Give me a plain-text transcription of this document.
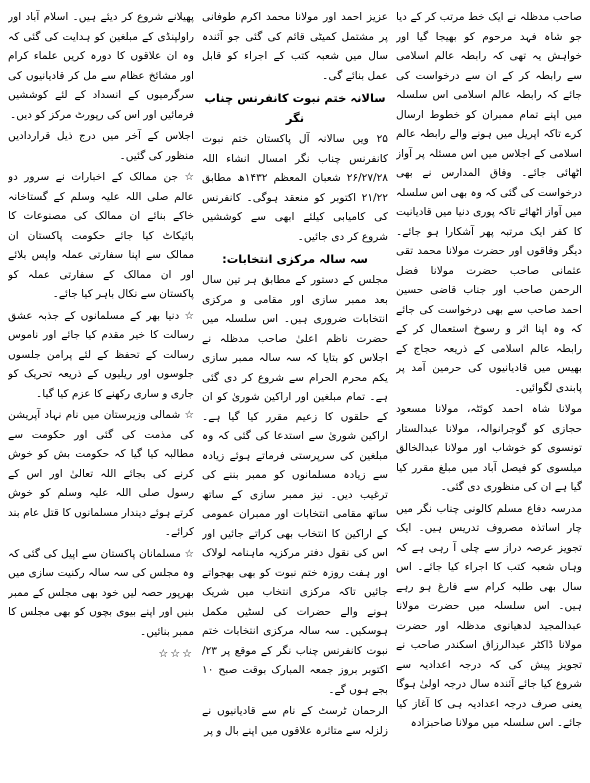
صاحب مدظلہ نے ایک خط مرتب کر کے دیا جو شاہ فہد مرحوم کو بھیجا گیا اور خواہش یہ تھی کہ رابطہ عالم اسلامی سے رابطہ کر کے ان سے درخواست کی جائے کہ رابطہ عالم اسلامی اس سلسلہ میں اپنے تمام ممبران کو خطوط ارسال کرے تاکہ اپریل میں ہونے والے رابطہ عالم اسلامی کے اجلاس میں اس مسئلہ پر آواز اٹھائی جائے۔ وفاق المدارس نے بھی درخواست کی گئی کہ وہ بھی اس سلسلہ میں آواز اٹھائے تاکہ پوری دنیا میں قادیانیت کا کفر ایک مرتبہ پھر آشکارا ہو جائے۔ دیگر وفاقوں اور حضرت مولانا محمد تقی عثمانی صاحب حضرت مولانا فضل الرحمن صاحب اور جناب قاضی حسین احمد صاحب سے بھی درخواست کی جائے کہ وہ اپنا اثر و رسوخ استعمال کر کے رابطہ عالم اسلامی کے ذریعہ حجاج کے بھیس میں قادیانیوں کی حرمین آمد پر پابندی لگوائیں۔

مولانا شاہ احمد کوئٹہ، مولانا مسعود حجازی کو گوجرانوالہ، مولانا عبدالستار تونسوی کو خوشاب اور مولانا عبدالخالق میلسوی کو فیصل آباد میں مبلغ مقرر کیا گیا ہے ان کی منظوری دی گئی۔

مدرسہ دفاع مسلم کالونی چناب نگر میں چار اساتذہ مصروف تدریس ہیں۔ ایک تجویز عرصہ دراز سے چلی آ رہی ہے کہ وہاں شعبہ کتب کا اجراء کیا جائے۔ اس سال بھی طلبہ کرام سے فارغ ہو رہے ہیں۔ اس سلسلہ میں حضرت مولانا عبدالمجید لدھیانوی مدظلہ اور حضرت مولانا ڈاکٹر عبدالرزاق اسکندر صاحب نے تجویز پیش کی کہ درجہ اعدادیہ سے شروع کیا جائے آئندہ سال درجہ اولیٰ ہوگا یعنی صرف درجہ اعدادیہ ہی کا آغاز کیا جائے۔ اس سلسلہ میں مولانا صاحبزادہ

عزیز احمد اور مولانا محمد اکرم طوفانی پر مشتمل کمیٹی قائم کی گئی جو آئندہ سال میں شعبہ کتب کے اجراء کو قابل عمل بنائے گی۔

سالانہ ختم نبوت کانفرنس چناب نگر

۲۵ ویں سالانہ آل پاکستان ختم نبوت کانفرنس چناب نگر امسال انشاء اللہ ۲۶/۲۷/۲۸ شعبان المعظم ۱۴۳۲ھ مطابق ۲۱/۲۲ اکتوبر کو منعقد ہوگی۔ کانفرنس کی کامیابی کیلئے ابھی سے کوششیں شروع کر دی جائیں۔

سہ سالہ مرکزی انتخابات:

مجلس کے دستور کے مطابق ہر تین سال بعد ممبر سازی اور مقامی و مرکزی انتخابات ضروری ہیں۔ اس سلسلہ میں حضرت ناظم اعلیٰ صاحب مدظلہ نے اجلاس کو بتایا کہ سہ سالہ ممبر سازی یکم محرم الحرام سے شروع کر دی گئی ہے۔ تمام مبلغین اور اراکین شوریٰ کو ان کے حلقوں کا زعیم مقرر کیا گیا ہے۔ اراکین شوریٰ سے استدعا کی گئی کہ وہ مبلغین کی سرپرستی فرماتے ہوئے زیادہ سے زیادہ مسلمانوں کو ممبر بننے کی ترغیب دیں۔ نیز ممبر سازی کے ساتھ ساتھ مقامی انتخابات اور ممبران عمومی کے اراکین کا انتخاب بھی کراتے جائیں اور اس کی نقول دفتر مرکزیہ ماہنامہ لولاک اور ہفت روزہ ختم نبوت کو بھی بھجواتے جائیں تاکہ مرکزی انتخاب میں شریک ہونے والے حضرات کی لسٹیں مکمل ہوسکیں۔ سہ سالہ مرکزی انتخابات ختم نبوت کانفرنس چناب نگر کے موقع پر ۲۳/ اکتوبر بروز جمعہ المبارک بوقت صبح ۱۰ بجے ہوں گے۔

الرحمان ٹرسٹ کے نام سے قادیانیوں نے زلزلہ سے متاثرہ علاقوں میں اپنے بال و پر

پھیلانے شروع کر دیئے ہیں۔ اسلام آباد اور راولپنڈی کے مبلغین کو ہدایت کی گئی کہ وہ ان علاقوں کا دورہ کریں علماء کرام اور مشائخ عظام سے مل کر قادیانیوں کی سرگرمیوں کے انسداد کے لئے کوششیں فرمائیں اور اس کی رپورٹ مرکز کو دیں۔

اجلاس کے آخر میں درج ذیل قراردادیں منظور کی گئیں۔

☆ جن ممالک کے اخبارات نے سرور دو عالم صلی اللہ علیہ وسلم کے گستاخانہ خاکے بنائے ان ممالک کی مصنوعات کا بائیکاٹ کیا جائے حکومت پاکستان ان ممالک سے اپنا سفارتی عملہ واپس بلائے اور ان ممالک کے سفارتی عملہ کو پاکستان سے نکال باہر کیا جائے۔

☆ دنیا بھر کے مسلمانوں کے جذبہ عشق رسالت کا خیر مقدم کیا جائے اور ناموس رسالت کے تحفظ کے لئے پرامن جلسوں جلوسوں اور ریلیوں کے ذریعہ تحریک کو جاری و ساری رکھنے کا عزم کیا گیا۔

☆ شمالی وزیرستان میں نام نہاد آپریشن کی مذمت کی گئی اور حکومت سے مطالبہ کیا گیا کہ حکومت بش کو خوش کرنے کی بجائے اللہ تعالیٰ اور اس کے رسول صلی اللہ علیہ وسلم کو خوش کرتے ہوئے دیندار مسلمانوں کا قتل عام بند کرائے۔

☆ مسلمانان پاکستان سے اپیل کی گئی کہ وہ مجلس کی سہ سالہ رکنیت سازی میں بھرپور حصہ لیں خود بھی مجلس کے ممبر بنیں اور اپنے بیوی بچوں کو بھی مجلس کا ممبر بنائیں۔

☆☆☆
